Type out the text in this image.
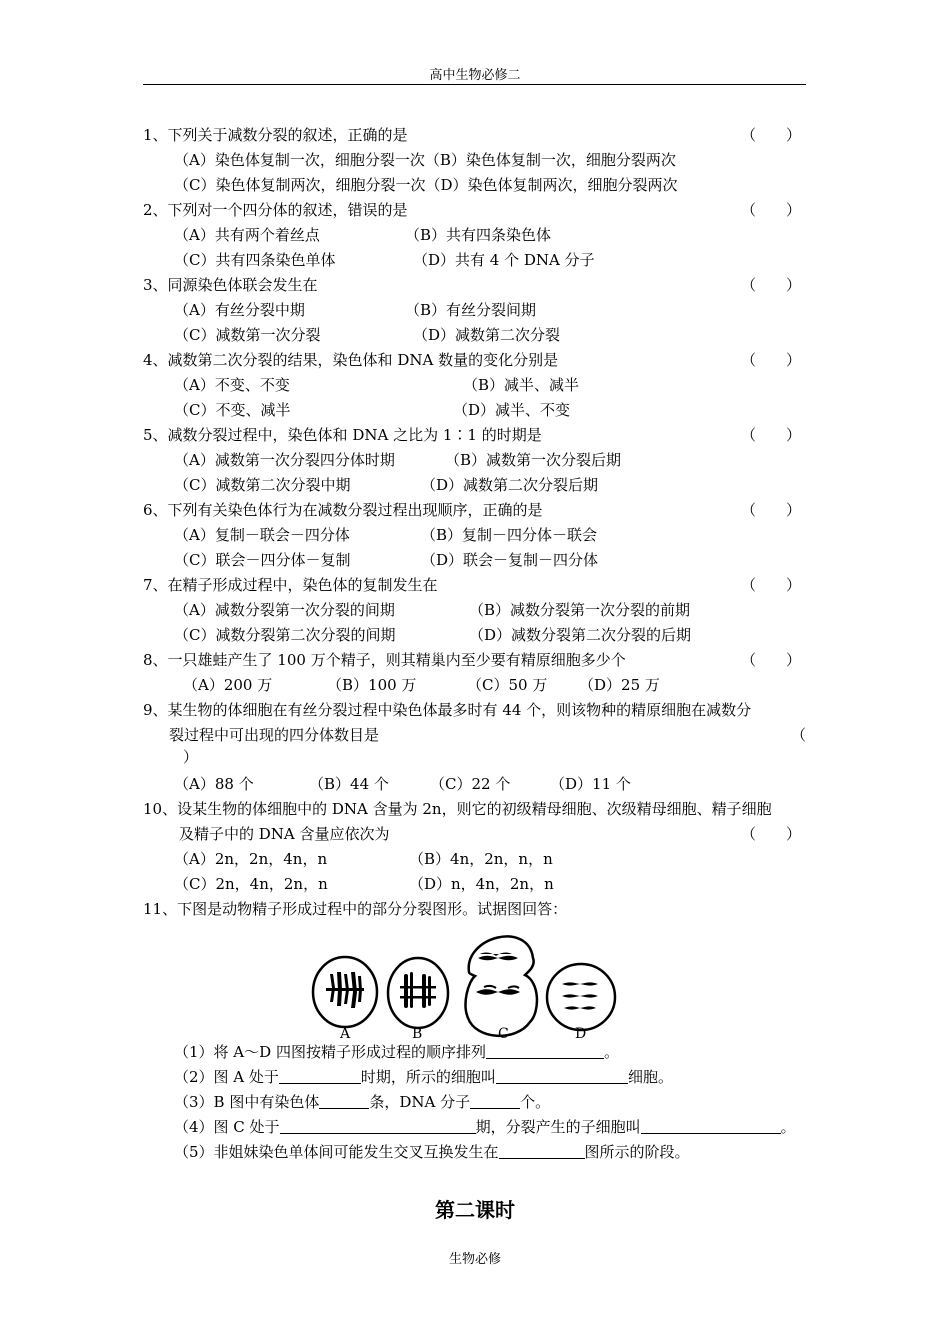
高中生物必修二
1、下列关于减数分裂的叙述，正确的是	（　　）
（A）染色体复制一次，细胞分裂一次（B）染色体复制一次，细胞分裂两次
（C）染色体复制两次，细胞分裂一次（D）染色体复制两次，细胞分裂两次
2、下列对一个四分体的叙述，错误的是	（　　）
（A）共有两个着丝点	（B）共有四条染色体
（C）共有四条染色单体	（D）共有 4 个 DNA 分子
3、同源染色体联会发生在	（　　）
（A）有丝分裂中期	（B）有丝分裂间期
（C）减数第一次分裂	（D）减数第二次分裂
4、减数第二次分裂的结果，染色体和 DNA 数量的变化分别是	（　　）
（A）不变、不变	（B）减半、减半
（C）不变、减半	（D）减半、不变
5、减数分裂过程中，染色体和 DNA 之比为 1∶1 的时期是	（　　）
（A）减数第一次分裂四分体时期	（B）减数第一次分裂后期
（C）减数第二次分裂中期	（D）减数第二次分裂后期
6、下列有关染色体行为在减数分裂过程出现顺序，正确的是	（　　）
（A）复制－联会－四分体	（B）复制－四分体－联会
（C）联会－四分体－复制	（D）联会－复制－四分体
7、在精子形成过程中，染色体的复制发生在	（　　）
（A）减数分裂第一次分裂的间期	（B）减数分裂第一次分裂的前期
（C）减数分裂第二次分裂的间期	（D）减数分裂第二次分裂的后期
8、一只雄蛙产生了 100 万个精子，则其精巢内至少要有精原细胞多少个	（　　）
（A）200 万	（B）100 万	（C）50 万 （D）25 万
9、某生物的体细胞在有丝分裂过程中染色体最多时有 44 个，则该物种的精原细胞在减数分
裂过程中可出现的四分体数目是	（
）
（A）88 个	（B）44 个	（C）22 个	（D）11 个
10、设某生物的体细胞中的 DNA 含量为 2n，则它的初级精母细胞、次级精母细胞、精子细胞
及精子中的 DNA 含量应依次为	（　　）
（A）2n，2n，4n，n	（B）4n，2n，n，n
（C）2n，4n，2n，n	（D）n，4n，2n，n
11、下图是动物精子形成过程中的部分分裂图形。试据图回答：
A	B	C	D
（1）将 A～D 四图按精子形成过程的顺序排列	。
（2）图 A 处于	时期，所示的细胞叫	细胞。
（3）B 图中有染色体	条，DNA 分子	个。
（4）图 C 处于	期，分裂产生的子细胞叫	。
（5）非姐妹染色单体间可能发生交叉互换发生在	图所示的阶段。
第二课时
生物必修
